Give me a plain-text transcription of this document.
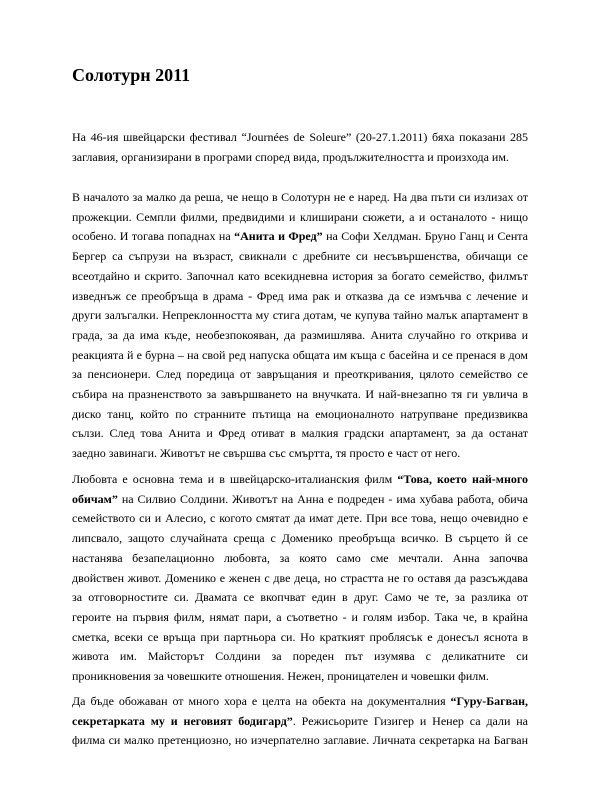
Солотурн 2011
На 46-ия швейцарски фестивал “Journées de Soleure” (20-27.1.2011) бяха показани 285
заглавия, организирани в програми според вида, продължителността и произхода им.
В началото за малко да реша, че нещо в Солотурн не е наред. На два пъти си излизах от
прожекции. Семпли филми, предвидими и клиширани сюжети, а и останалото - нищо
особено. И тогава попаднах на “Анита и Фред” на Софи Хелдман. Бруно Ганц и Сента
Бергер са съпрузи на възраст, свикнали с дребните си несъвършенства, обичащи се
всеотдайно и скрито. Започнал като всекидневна история за богато семейство, филмът
изведнъж се преобръща в драма - Фред има рак и отказва да се измъчва с лечение и
други залъгалки. Непреклонността му стига дотам, че купува тайно малък апартамент в
града, за да има къде, необезпокояван, да размишлява. Анита случайно го открива и
реакцията й е бурна – на свой ред напуска общата им къща с басейна и се пренася в дом
за пенсионери. След поредица от завръщания и преоткривания, цялото семейство се
събира на празненството за завършването на внучката. И най-внезапно тя ги увлича в
диско танц, който по странните пътища на емоционалното натрупване предизвиква
сълзи. След това Анита и Фред отиват в малкия градски апартамент, за да останат
заедно завинаги. Животът не свършва със смъртта, тя просто е част от него.
Любовта е основна тема и в швейцарско-италианския филм “Това, което най-много
обичам” на Силвио Солдини. Животът на Анна е подреден - има хубава работа, обича
семейството си и Алесио, с когото смятат да имат дете. При все това, нещо очевидно е
липсвало, защото случайната среща с Доменико преобръща всичко. В сърцето й се
настанява безапелационно любовта, за която само сме мечтали. Анна започва
двойствен живот. Доменико е женен с две деца, но страстта не го оставя да разсъждава
за отговорностите си. Двамата се вкопчват един в друг. Само че те, за разлика от
героите на първия филм, нямат пари, а съответно - и голям избор. Така че, в крайна
сметка, всеки се връща при партньора си. Но краткият проблясък е донесъл яснота в
живота им. Майсторът Солдини за пореден път изумява с деликатните си
проникновения за човешките отношения. Нежен, проницателен и човешки филм.
Да бъде обожаван от много хора е целта на обекта на документалния “Гуру-Багван,
секретарката му и неговият бодигард”. Режисьорите Гизигер и Ненер са дали на
филма си малко претенциозно, но изчерпателно заглавие. Личната секретарка на Багван
